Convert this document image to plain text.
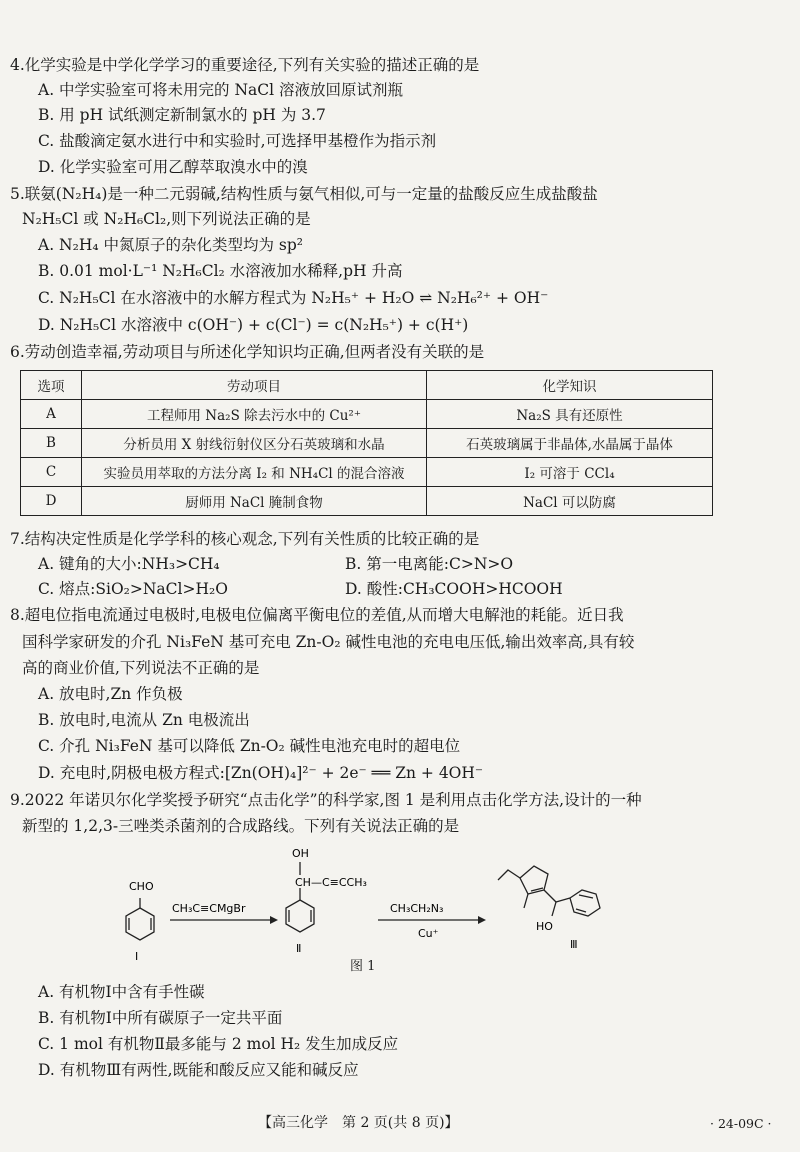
4.化学实验是中学化学学习的重要途径,下列有关实验的描述正确的是
A. 中学实验室可将未用完的 NaCl 溶液放回原试剂瓶
B. 用 pH 试纸测定新制氯水的 pH 为 3.7
C. 盐酸滴定氨水进行中和实验时,可选择甲基橙作为指示剂
D. 化学实验室可用乙醇萃取溴水中的溴
5.联氨(N₂H₄)是一种二元弱碱,结构性质与氨气相似,可与一定量的盐酸反应生成盐酸盐
N₂H₅Cl 或 N₂H₆Cl₂,则下列说法正确的是
A. N₂H₄ 中氮原子的杂化类型均为 sp²
B. 0.01 mol·L⁻¹ N₂H₆Cl₂ 水溶液加水稀释,pH 升高
C. N₂H₅Cl 在水溶液中的水解方程式为 N₂H₅⁺ + H₂O ⇌ N₂H₆²⁺ + OH⁻
D. N₂H₅Cl 水溶液中 c(OH⁻) + c(Cl⁻) = c(N₂H₅⁺) + c(H⁺)
6.劳动创造幸福,劳动项目与所述化学知识均正确,但两者没有关联的是
选项	劳动项目	化学知识
A	工程师用 Na₂S 除去污水中的 Cu²⁺	Na₂S 具有还原性
B	分析员用 X 射线衍射仪区分石英玻璃和水晶	石英玻璃属于非晶体,水晶属于晶体
C	实验员用萃取的方法分离 I₂ 和 NH₄Cl 的混合溶液	I₂ 可溶于 CCl₄
D	厨师用 NaCl 腌制食物	NaCl 可以防腐
7.结构决定性质是化学学科的核心观念,下列有关性质的比较正确的是
A. 键角的大小:NH₃>CH₄	B. 第一电离能:C>N>O
C. 熔点:SiO₂>NaCl>H₂O	D. 酸性:CH₃COOH>HCOOH
8.超电位指电流通过电极时,电极电位偏离平衡电位的差值,从而增大电解池的耗能。近日我
国科学家研发的介孔 Ni₃FeN 基可充电 Zn-O₂ 碱性电池的充电电压低,输出效率高,具有较
高的商业价值,下列说法不正确的是
A. 放电时,Zn 作负极
B. 放电时,电流从 Zn 电极流出
C. 介孔 Ni₃FeN 基可以降低 Zn-O₂ 碱性电池充电时的超电位
D. 充电时,阴极电极方程式:[Zn(OH)₄]²⁻ + 2e⁻ ══ Zn + 4OH⁻
9.2022 年诺贝尔化学奖授予研究“点击化学”的科学家,图 1 是利用点击化学方法,设计的一种
新型的 1,2,3-三唑类杀菌剂的合成路线。下列有关说法正确的是
CHO
Ⅰ
CH₃C≡CMgBr
OH
CH—C≡CCH₃
Ⅱ
CH₃CH₂N₃
Cu⁺
HO
Ⅲ
图 1
A. 有机物Ⅰ中含有手性碳
B. 有机物Ⅰ中所有碳原子一定共平面
C. 1 mol 有机物Ⅱ最多能与 2 mol H₂ 发生加成反应
D. 有机物Ⅲ有两性,既能和酸反应又能和碱反应
【高三化学　第 2 页(共 8 页)】	· 24-09C ·
